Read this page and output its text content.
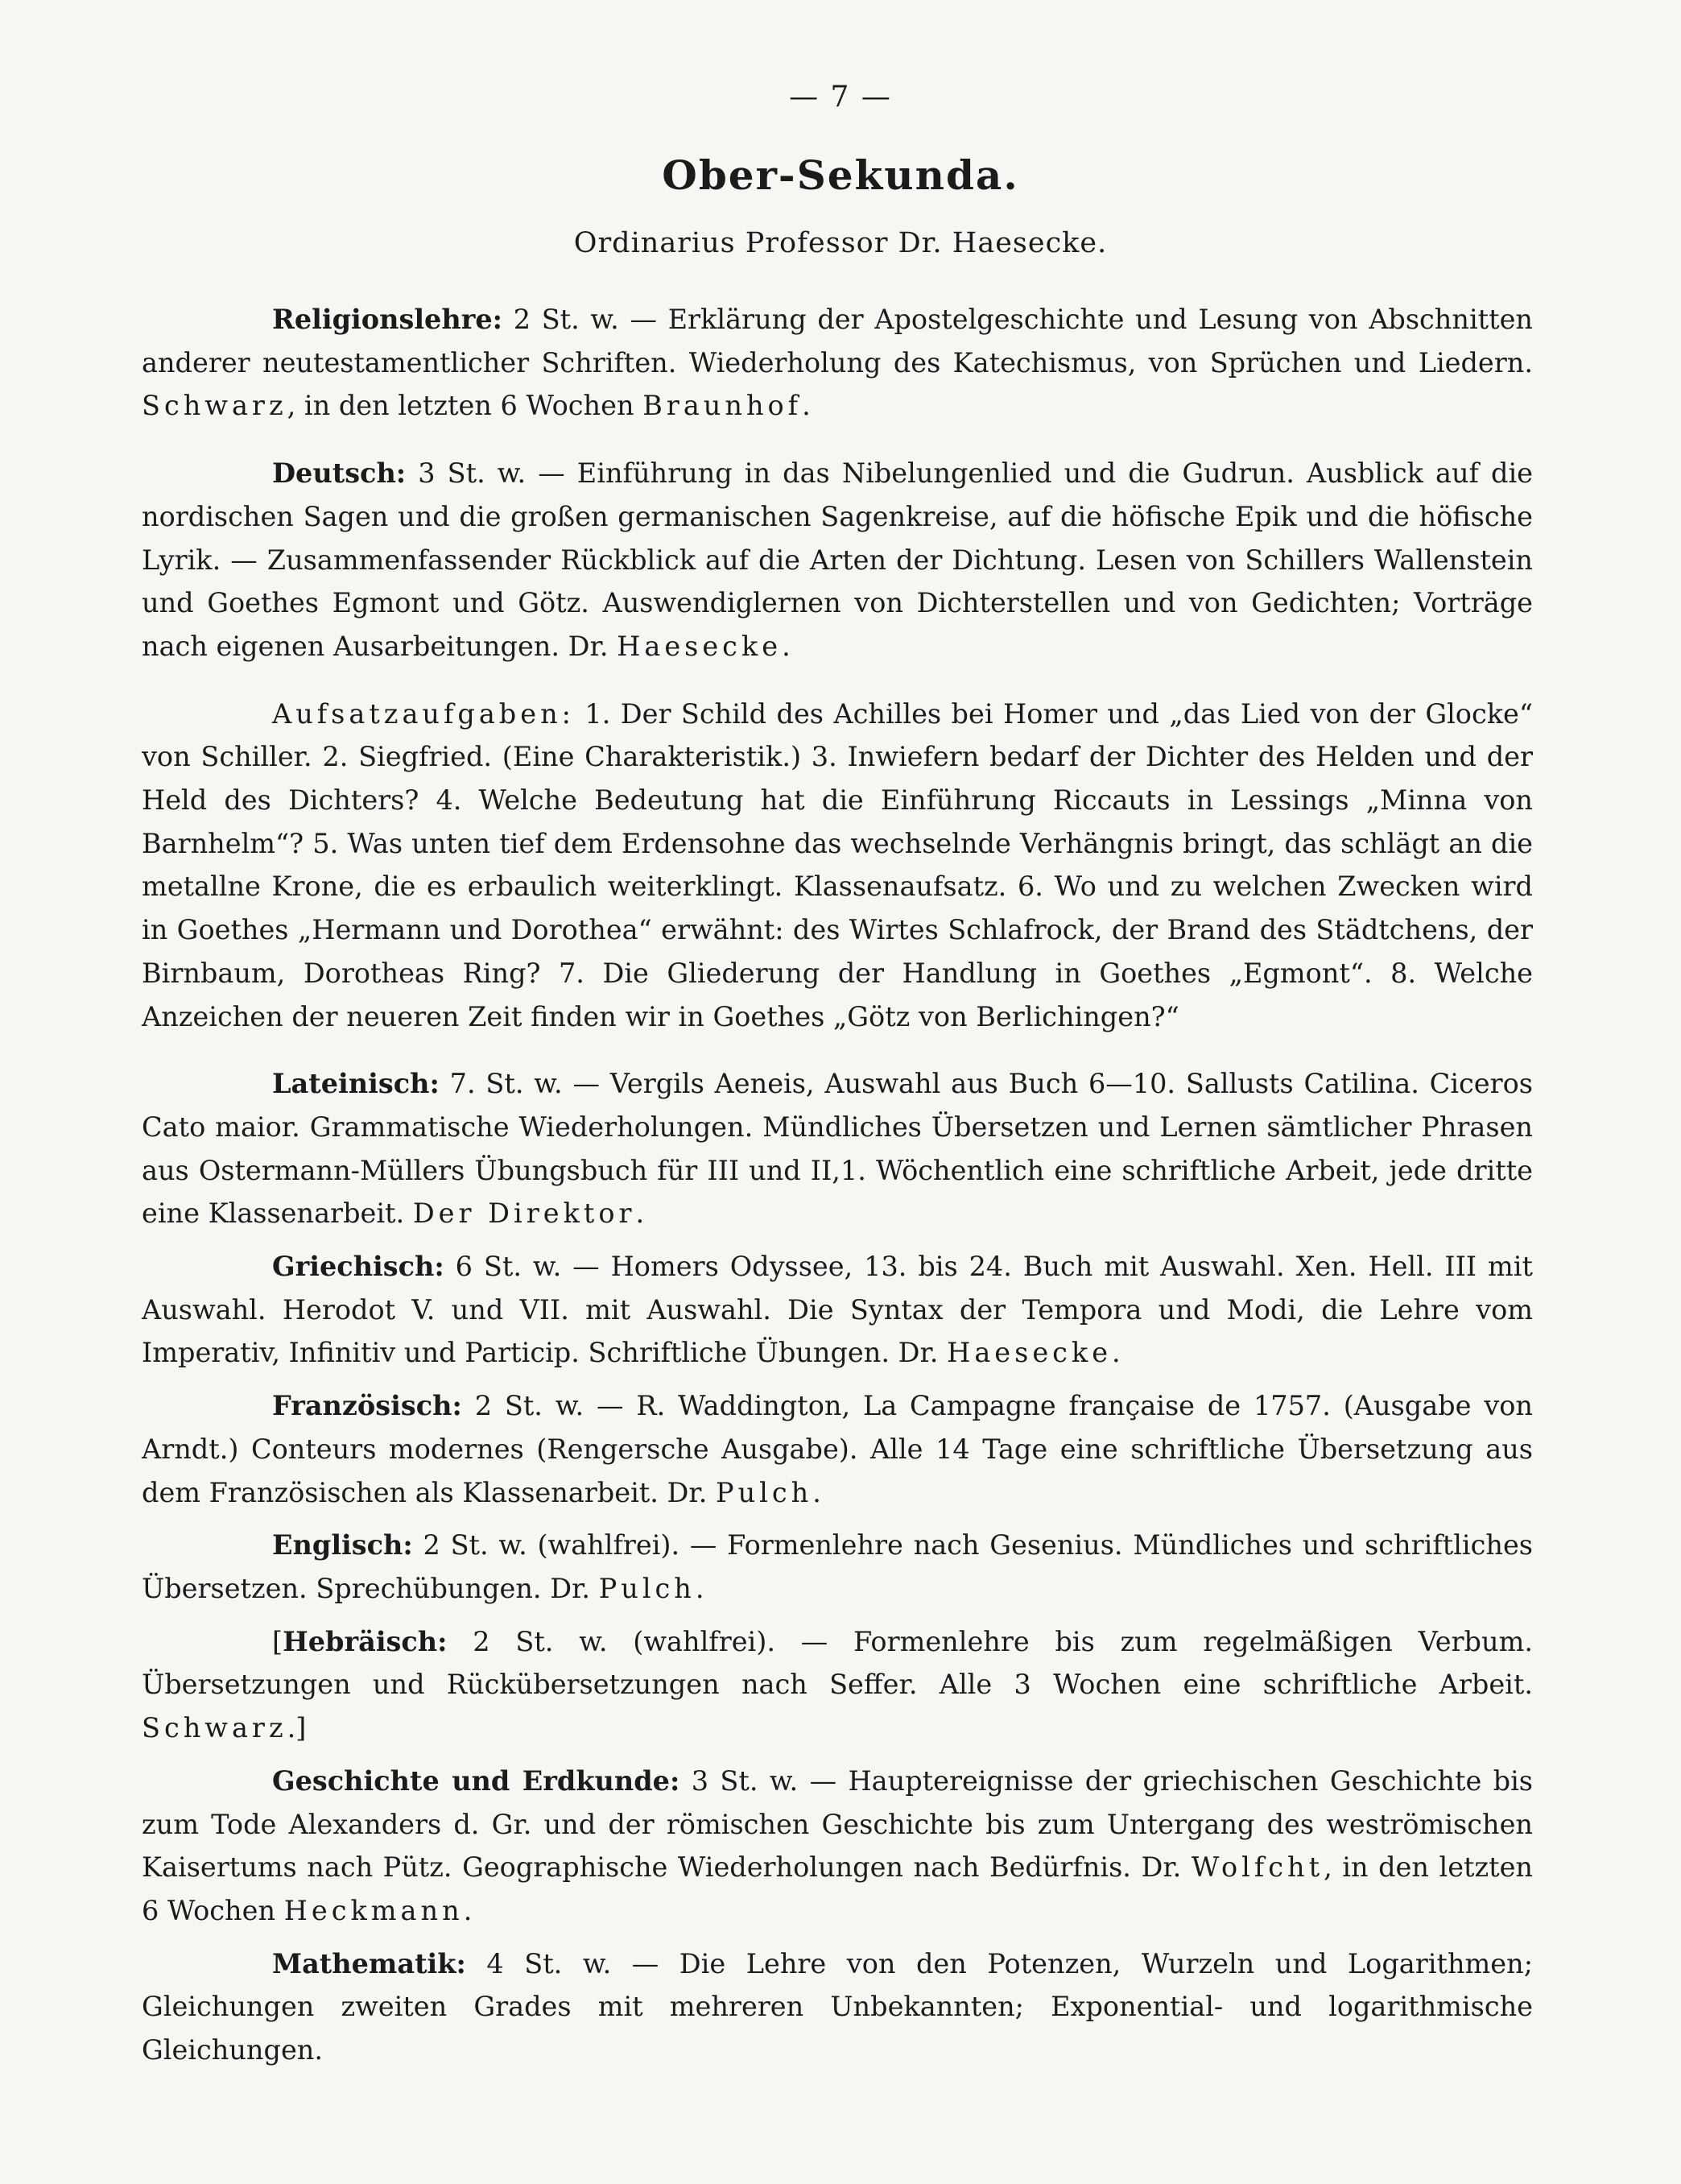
— 7 —
Ober-Sekunda.
Ordinarius Professor Dr. Haesecke.

Religionslehre: 2 St. w. — Erklärung der Apostelgeschichte und Lesung von Abschnitten anderer neutestamentlicher Schriften. Wiederholung des Katechismus, von Sprüchen und Liedern. Schwarz, in den letzten 6 Wochen Braunhof.

Deutsch: 3 St. w. — Einführung in das Nibelungenlied und die Gudrun. Ausblick auf die nordischen Sagen und die großen germanischen Sagenkreise, auf die höfische Epik und die höfische Lyrik. — Zusammenfassender Rückblick auf die Arten der Dichtung. Lesen von Schillers Wallenstein und Goethes Egmont und Götz. Auswendiglernen von Dichterstellen und von Gedichten; Vorträge nach eigenen Ausarbeitungen. Dr. Haesecke.

Aufsatzaufgaben: 1. Der Schild des Achilles bei Homer und „das Lied von der Glocke“ von Schiller. 2. Siegfried. (Eine Charakteristik.) 3. Inwiefern bedarf der Dichter des Helden und der Held des Dichters? 4. Welche Bedeutung hat die Einführung Riccauts in Lessings „Minna von Barnhelm“? 5. Was unten tief dem Erdensohne das wechselnde Verhängnis bringt, das schlägt an die metallne Krone, die es erbaulich weiterklingt. Klassenaufsatz. 6. Wo und zu welchen Zwecken wird in Goethes „Hermann und Dorothea“ erwähnt: des Wirtes Schlafrock, der Brand des Städtchens, der Birnbaum, Dorotheas Ring? 7. Die Gliederung der Handlung in Goethes „Egmont“. 8. Welche Anzeichen der neueren Zeit finden wir in Goethes „Götz von Berlichingen?“

Lateinisch: 7. St. w. — Vergils Aeneis, Auswahl aus Buch 6—10. Sallusts Catilina. Ciceros Cato maior. Grammatische Wiederholungen. Mündliches Übersetzen und Lernen sämtlicher Phrasen aus Ostermann-Müllers Übungsbuch für III und II,1. Wöchentlich eine schriftliche Arbeit, jede dritte eine Klassenarbeit. Der Direktor.

Griechisch: 6 St. w. — Homers Odyssee, 13. bis 24. Buch mit Auswahl. Xen. Hell. III mit Auswahl. Herodot V. und VII. mit Auswahl. Die Syntax der Tempora und Modi, die Lehre vom Imperativ, Infinitiv und Particip. Schriftliche Übungen. Dr. Haesecke.

Französisch: 2 St. w. — R. Waddington, La Campagne française de 1757. (Ausgabe von Arndt.) Conteurs modernes (Rengersche Ausgabe). Alle 14 Tage eine schriftliche Übersetzung aus dem Französischen als Klassenarbeit. Dr. Pulch.

Englisch: 2 St. w. (wahlfrei). — Formenlehre nach Gesenius. Mündliches und schriftliches Übersetzen. Sprechübungen. Dr. Pulch.

[Hebräisch: 2 St. w. (wahlfrei). — Formenlehre bis zum regelmäßigen Verbum. Übersetzungen und Rückübersetzungen nach Seffer. Alle 3 Wochen eine schriftliche Arbeit. Schwarz.]

Geschichte und Erdkunde: 3 St. w. — Hauptereignisse der griechischen Geschichte bis zum Tode Alexanders d. Gr. und der römischen Geschichte bis zum Untergang des weströmischen Kaisertums nach Pütz. Geographische Wiederholungen nach Bedürfnis. Dr. Wolfcht, in den letzten 6 Wochen Heckmann.

Mathematik: 4 St. w. — Die Lehre von den Potenzen, Wurzeln und Logarithmen; Gleichungen zweiten Grades mit mehreren Unbekannten; Exponential- und logarithmische Gleichungen.
